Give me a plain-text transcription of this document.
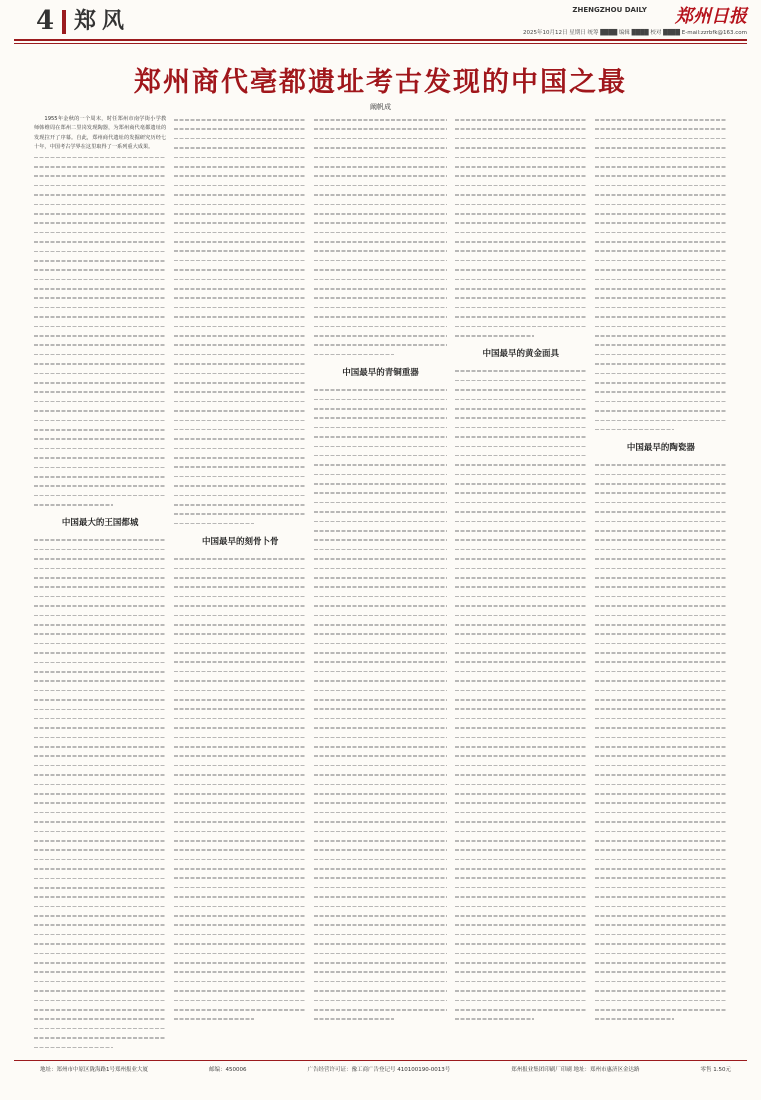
4 郑风	ZHENGZHOU DAILY 郑州日报
2025年10月12日 星期日 统筹 ████ 编辑 ████ 校对 ████ E-mail:zzrbfk@163.com
郑州商代亳都遗址考古发现的中国之最
阚帆成

1955年金秋的一个周末，时任郑州市南学街小学教师韩维周在郑州二里岗发现陶器，为郑州商代亳都遗址的发现拉开了序幕。自此，郑州商代遗址的发掘研究历经七十年，中国考古学界在这里取得了一系列重大成果。

中国最大的王国都城
中国最早的刻骨卜骨
中国最早的青铜重器
中国最早的黄金面具
中国最早的陶瓷器
地址：郑州市中原区陇海路1号郑州报业大厦	邮编：450006	广告经营许可证：豫工商广告登记号 410100190-0013号	郑州报业集团印刷厂印刷 地址：郑州市惠济区金达路	零售 1.50元
